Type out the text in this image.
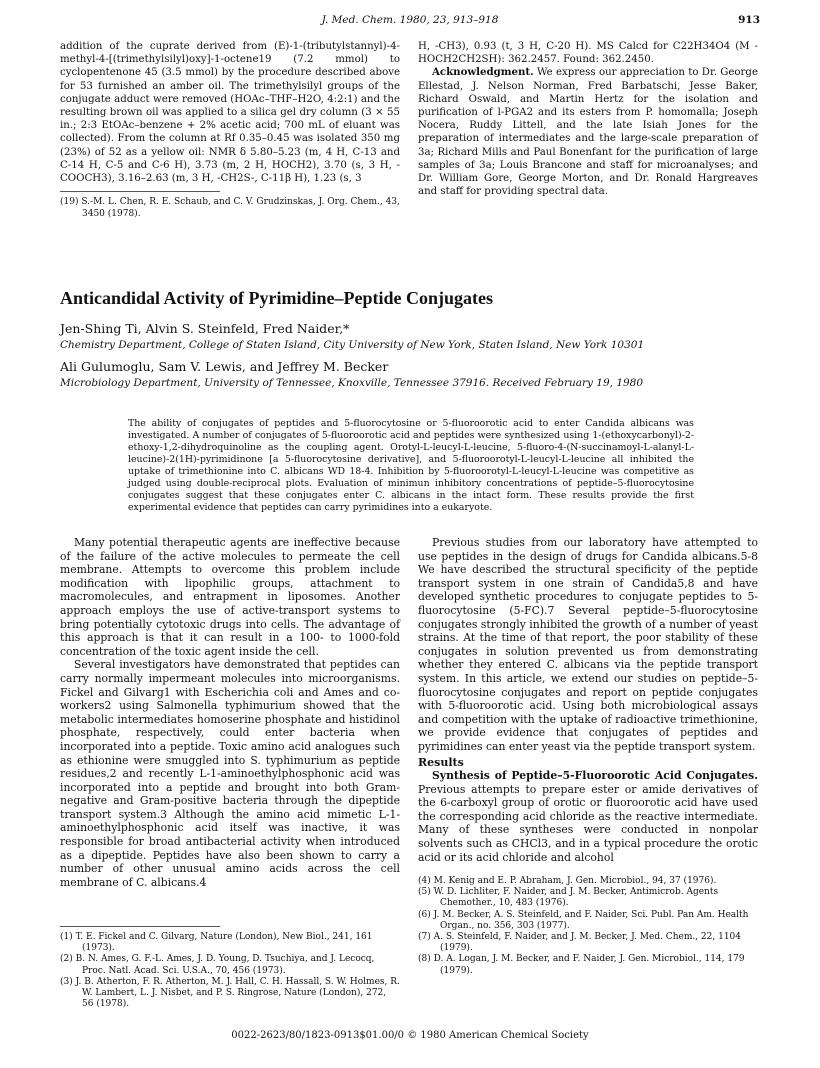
J. Med. Chem. 1980, 23, 913–918	913

addition of the cuprate derived from (E)-1-(tributylstannyl)-4-methyl-4-[(trimethylsilyl)oxy]-1-octene19 (7.2 mmol) to cyclopentenone 45 (3.5 mmol) by the procedure described above for 53 furnished an amber oil. The trimethylsilyl groups of the conjugate adduct were removed (HOAc–THF–H2O, 4:2:1) and the resulting brown oil was applied to a silica gel dry column (3 × 55 in.; 2:3 EtOAc–benzene + 2% acetic acid; 700 mL of eluant was collected). From the column at Rf 0.35–0.45 was isolated 350 mg (23%) of 52 as a yellow oil: NMR δ 5.80–5.23 (m, 4 H, C-13 and C-14 H, C-5 and C-6 H), 3.73 (m, 2 H, HOCH2), 3.70 (s, 3 H, -COOCH3), 3.16–2.63 (m, 3 H, -CH2S-, C-11β H), 1.23 (s, 3

(19) S.-M. L. Chen, R. E. Schaub, and C. V. Grudzinskas, J. Org. Chem., 43, 3450 (1978).

H, -CH3), 0.93 (t, 3 H, C-20 H). MS Calcd for C22H34O4 (M - HOCH2CH2SH): 362.2457. Found: 362.2450.

Acknowledgment. We express our appreciation to Dr. George Ellestad, J. Nelson Norman, Fred Barbatschi, Jesse Baker, Richard Oswald, and Martin Hertz for the isolation and purification of l-PGA2 and its esters from P. homomalla; Joseph Nocera, Ruddy Littell, and the late Isiah Jones for the preparation of intermediates and the large-scale preparation of 3a; Richard Mills and Paul Bonenfant for the purification of large samples of 3a; Louis Brancone and staff for microanalyses; and Dr. William Gore, George Morton, and Dr. Ronald Hargreaves and staff for providing spectral data.

Anticandidal Activity of Pyrimidine–Peptide Conjugates

Jen-Shing Ti, Alvin S. Steinfeld, Fred Naider,*

Chemistry Department, College of Staten Island, City University of New York, Staten Island, New York 10301

Ali Gulumoglu, Sam V. Lewis, and Jeffrey M. Becker

Microbiology Department, University of Tennessee, Knoxville, Tennessee 37916. Received February 19, 1980

The ability of conjugates of peptides and 5-fluorocytosine or 5-fluoroorotic acid to enter Candida albicans was investigated. A number of conjugates of 5-fluoroorotic acid and peptides were synthesized using 1-(ethoxycarbonyl)-2-ethoxy-1,2-dihydroquinoline as the coupling agent. Orotyl-L-leucyl-L-leucine, 5-fluoro-4-(N-succinamoyl-L-alanyl-L-leucine)-2(1H)-pyrimidinone [a 5-fluorocytosine derivative], and 5-fluoroorotyl-L-leucyl-L-leucine all inhibited the uptake of trimethionine into C. albicans WD 18-4. Inhibition by 5-fluoroorotyl-L-leucyl-L-leucine was competitive as judged using double-reciprocal plots. Evaluation of minimun inhibitory concentrations of peptide–5-fluorocytosine conjugates suggest that these conjugates enter C. albicans in the intact form. These results provide the first experimental evidence that peptides can carry pyrimidines into a eukaryote.

Many potential therapeutic agents are ineffective because of the failure of the active molecules to permeate the cell membrane. Attempts to overcome this problem include modification with lipophilic groups, attachment to macromolecules, and entrapment in liposomes. Another approach employs the use of active-transport systems to bring potentially cytotoxic drugs into cells. The advantage of this approach is that it can result in a 100- to 1000-fold concentration of the toxic agent inside the cell.

Several investigators have demonstrated that peptides can carry normally impermeant molecules into microorganisms. Fickel and Gilvarg1 with Escherichia coli and Ames and co-workers2 using Salmonella typhimurium showed that the metabolic intermediates homoserine phosphate and histidinol phosphate, respectively, could enter bacteria when incorporated into a peptide. Toxic amino acid analogues such as ethionine were smuggled into S. typhimurium as peptide residues,2 and recently L-1-aminoethylphosphonic acid was incorporated into a peptide and brought into both Gram-negative and Gram-positive bacteria through the dipeptide transport system.3 Although the amino acid mimetic L-1-aminoethylphosphonic acid itself was inactive, it was responsible for broad antibacterial activity when introduced as a dipeptide. Peptides have also been shown to carry a number of other unusual amino acids across the cell membrane of C. albicans.4

Previous studies from our laboratory have attempted to use peptides in the design of drugs for Candida albicans.5-8 We have described the structural specificity of the peptide transport system in one strain of Candida5,8 and have developed synthetic procedures to conjugate peptides to 5-fluorocytosine (5-FC).7 Several peptide–5-fluorocytosine conjugates strongly inhibited the growth of a number of yeast strains. At the time of that report, the poor stability of these conjugates in solution prevented us from demonstrating whether they entered C. albicans via the peptide transport system. In this article, we extend our studies on peptide–5-fluorocytosine conjugates and report on peptide conjugates with 5-fluoroorotic acid. Using both microbiological assays and competition with the uptake of radioactive trimethionine, we provide evidence that conjugates of peptides and pyrimidines can enter yeast via the peptide transport system.

Results

Synthesis of Peptide–5-Fluoroorotic Acid Conjugates. Previous attempts to prepare ester or amide derivatives of the 6-carboxyl group of orotic or fluoroorotic acid have used the corresponding acid chloride as the reactive intermediate. Many of these syntheses were conducted in nonpolar solvents such as CHCl3, and in a typical procedure the orotic acid or its acid chloride and alcohol

(1) T. E. Fickel and C. Gilvarg, Nature (London), New Biol., 241, 161 (1973).
(2) B. N. Ames, G. F.-L. Ames, J. D. Young, D. Tsuchiya, and J. Lecocq, Proc. Natl. Acad. Sci. U.S.A., 70, 456 (1973).
(3) J. B. Atherton, F. R. Atherton, M. J. Hall, C. H. Hassall, S. W. Holmes, R. W. Lambert, L. J. Nisbet, and P. S. Ringrose, Nature (London), 272, 56 (1978).
(4) M. Kenig and E. P. Abraham, J. Gen. Microbiol., 94, 37 (1976).
(5) W. D. Lichliter, F. Naider, and J. M. Becker, Antimicrob. Agents Chemother., 10, 483 (1976).
(6) J. M. Becker, A. S. Steinfeld, and F. Naider, Sci. Publ. Pan Am. Health Organ., no. 356, 303 (1977).
(7) A. S. Steinfeld, F. Naider, and J. M. Becker, J. Med. Chem., 22, 1104 (1979).
(8) D. A. Logan, J. M. Becker, and F. Naider, J. Gen. Microbiol., 114, 179 (1979).
0022-2623/80/1823-0913$01.00/0 © 1980 American Chemical Society
